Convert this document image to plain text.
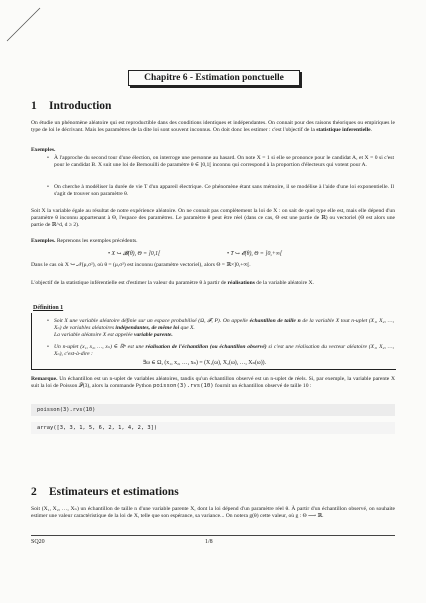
Chapitre 6 - Estimation ponctuelle
1 Introduction
On étudie un phénomène aléatoire qui est reproductible dans des conditions identiques et indépendantes. On connait pour des raisons théoriques ou empiriques le type de loi le décrivant. Mais les paramètres de la dite loi sont souvent inconnus. On doit donc les estimer : c'est l'objectif de la statistique inferentielle.
Exemples.
• À l'approche du second tour d'une élection, on interroge une personne au hasard. On note X = 1 si elle se prononce pour le candidat A, et X = 0 si c'est pour le candidat B. X suit une loi de Bernouilli de paramètre θ ∈ ]0,1[ inconnu qui correspond à la proportion d'électeurs qui votent pour A.
• On cherche à modéliser la durée de vie T d'un appareil électrique. Ce phénomène étant sans mémoire, il se modélise à l'aide d'une loi exponentielle. Il s'agit de trouver son paramètre θ.
Soit X la variable égale au résultat de notre expérience aléatoire. On ne connait pas complètement la loi de X : on sait de quel type elle est, mais elle dépend d'un paramètre θ inconnu appartenant à Θ, l'espace des paramètres. Le paramètre θ peut être réel (dans ce cas, Θ est une partie de ℝ) ou vectoriel (Θ est alors une partie de ℝ^d, d ≥ 2).
Exemples. Reprenons les exemples précédents.
• X ↪ 𝓑(θ), Θ = ]0,1[	• T ↪ 𝓔(θ), Θ = ]0,+∞[
Dans le cas où X ↪ 𝒩(μ,σ²), où θ = (μ,σ²) est inconnu (paramètre vectoriel), alors Θ = ℝ×]0,+∞[.
L'objectif de la statistique inférentielle est d'estimer la valeur du paramètre θ à partir de réalisations de la variable aléatoire X.
Définition 1
• Soit X une variable aléatoire définie sur un espace probabilisé (Ω, 𝓕, P). On appelle échantillon de taille n de la variable X tout n-uplet (X₁, X₂, …, Xₙ) de variables aléatoires indépendantes, de même loi que X.
La variable aléatoire X est appelée variable parente.
• Un n-uplet (x₁, x₂, …, xₙ) ∈ ℝⁿ est une réalisation de l'échantillon (ou échantillon observé) si c'est une réalisation du vecteur aléatoire (X₁, X₂, …, Xₙ), c'est-à-dire :
∃ω ∈ Ω, (x₁, x₂, …, xₙ) = (X₁(ω), X₂(ω), …, Xₙ(ω)).
Remarque. Un échantillon est un n-uplet de variables aléatoires, tandis qu'un échantillon observé est un n-uplet de réels. Si, par exemple, la variable parente X suit la loi de Poisson 𝒫(3), alors la commande Python poisson(3).rvs(10) fournit un échantillon observé de taille 10 :
poisson(3).rvs(10)
array([3, 3, 1, 5, 6, 2, 1, 4, 2, 3])
2 Estimateurs et estimations
Soit (X₁, X₂, …, Xₙ) un échantillon de taille n d'une variable parente X, dont la loi dépend d'un paramètre réel θ. À partir d'un échantillon observé, on souhaite estimer une valeur caractéristique de la loi de X, telle que son espérance, sa variance... On notera g(θ) cette valeur, où g : Θ ⟶ ℝ.
SQ20	1/8
